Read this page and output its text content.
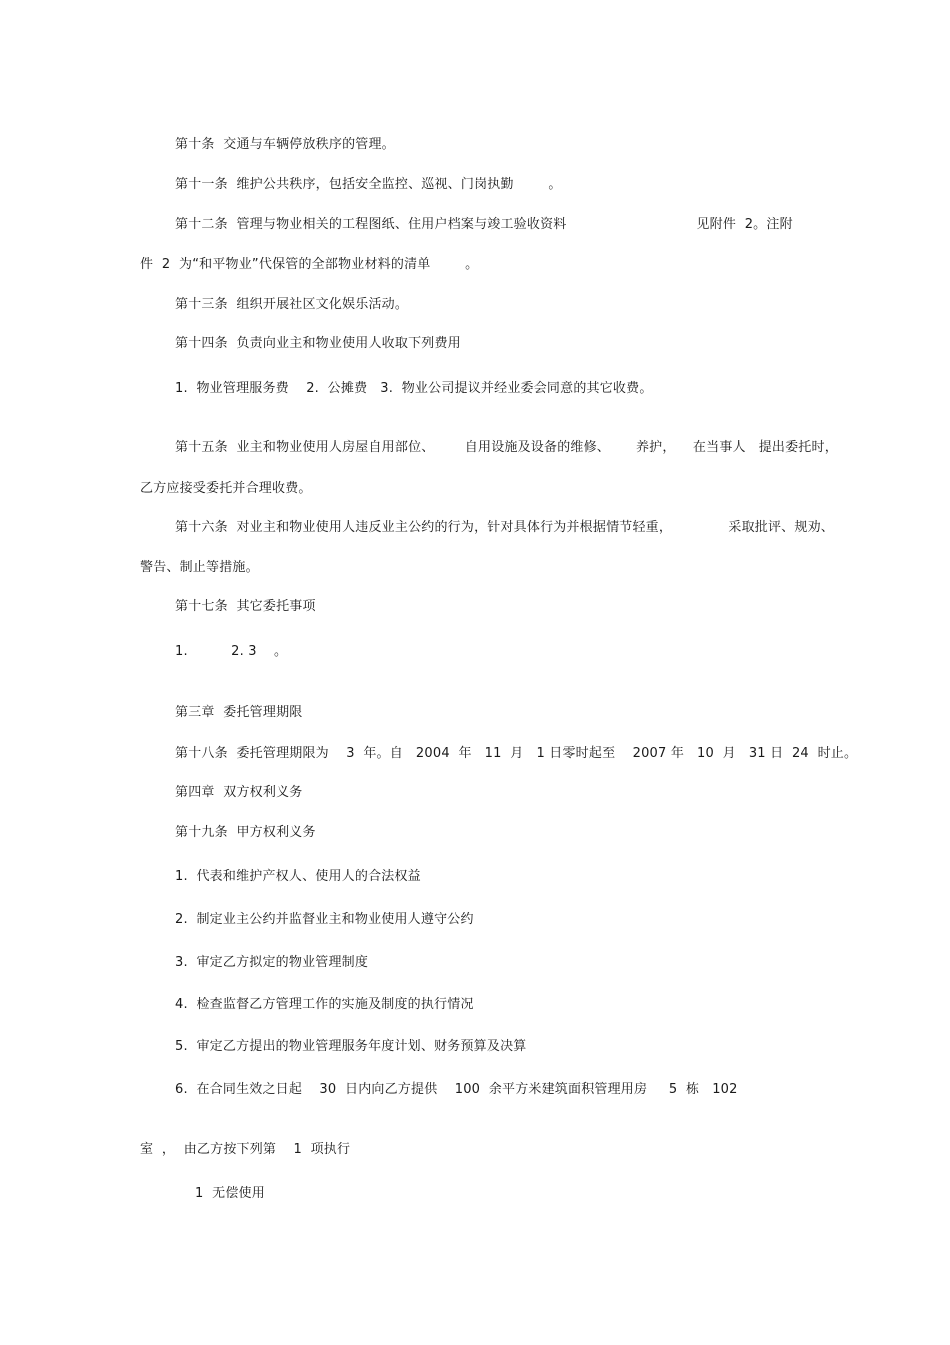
第十条  交通与车辆停放秩序的管理。
第十一条  维护公共秩序，包括安全监控、巡视、门岗执勤        。
第十二条  管理与物业相关的工程图纸、住用户档案与竣工验收资料                              见附件  2。注附
件  2  为“和平物业”代保管的全部物业材料的清单        。
第十三条  组织开展社区文化娱乐活动。
第十四条  负责向业主和物业使用人收取下列费用
1.  物业管理服务费    2.  公摊费   3.  物业公司提议并经业委会同意的其它收费。
第十五条  业主和物业使用人房屋自用部位、       自用设施及设备的维修、      养护，    在当事人   提出委托时，
乙方应接受委托并合理收费。
第十六条  对业主和物业使用人违反业主公约的行为，针对具体行为并根据情节轻重，             采取批评、规劝、
警告、制止等措施。
第十七条  其它委托事项
1.          2. 3    。
第三章  委托管理期限
第十八条  委托管理期限为    3  年。自   2004  年   11  月   1 日零时起至    2007 年   10  月   31 日  24  时止。
第四章  双方权利义务
第十九条  甲方权利义务
1.  代表和维护产权人、使用人的合法权益
2.  制定业主公约并监督业主和物业使用人遵守公约
3.  审定乙方拟定的物业管理制度
4.  检查监督乙方管理工作的实施及制度的执行情况
5.  审定乙方提出的物业管理服务年度计划、财务预算及决算
6.  在合同生效之日起    30  日内向乙方提供    100  余平方米建筑面积管理用房     5  栋   102
室  ，  由乙方按下列第    1  项执行
1  无偿使用
